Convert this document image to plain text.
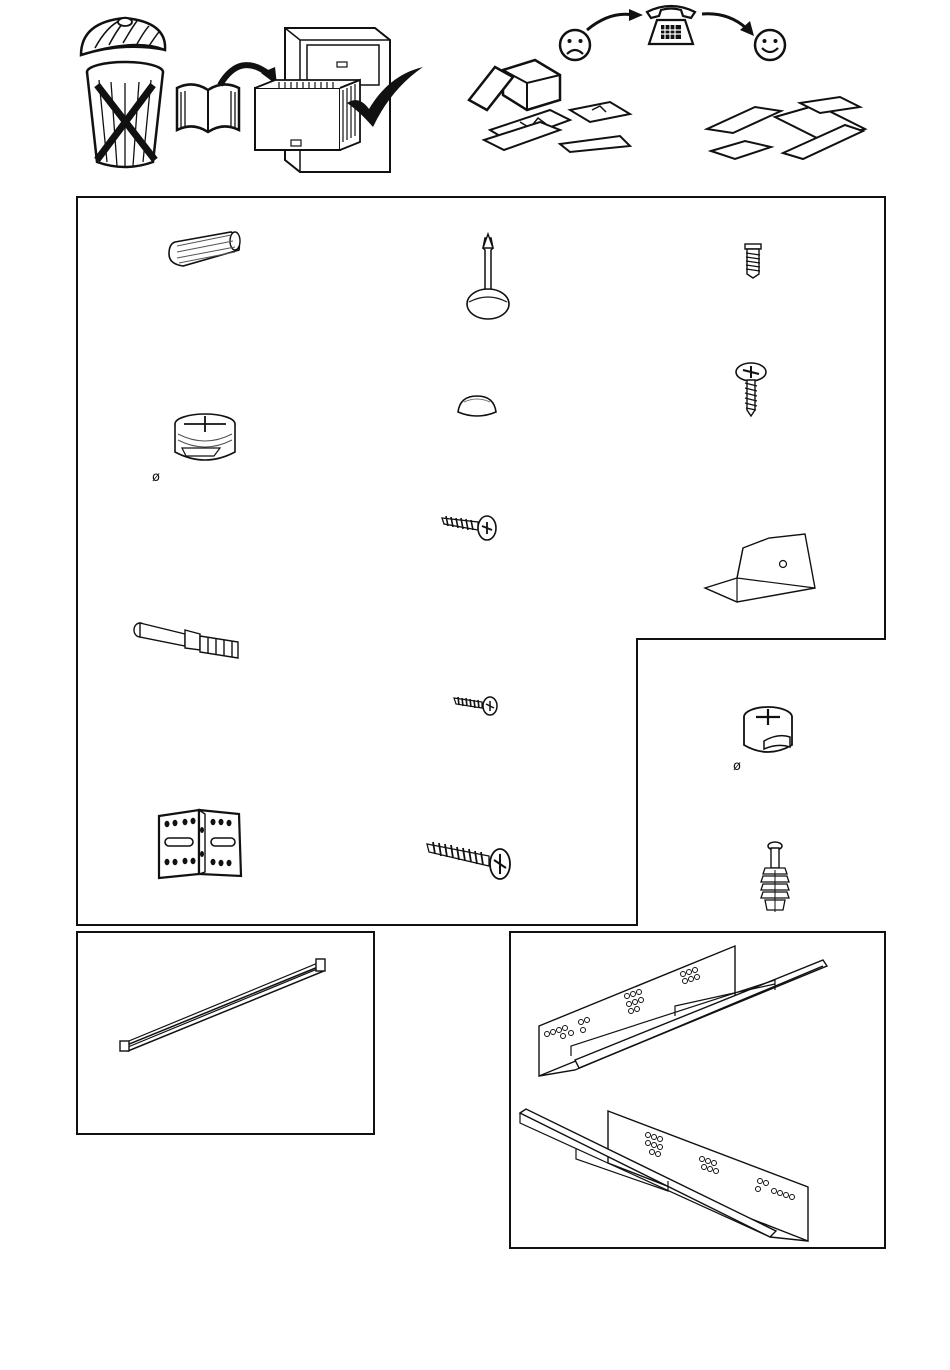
ø
ø
